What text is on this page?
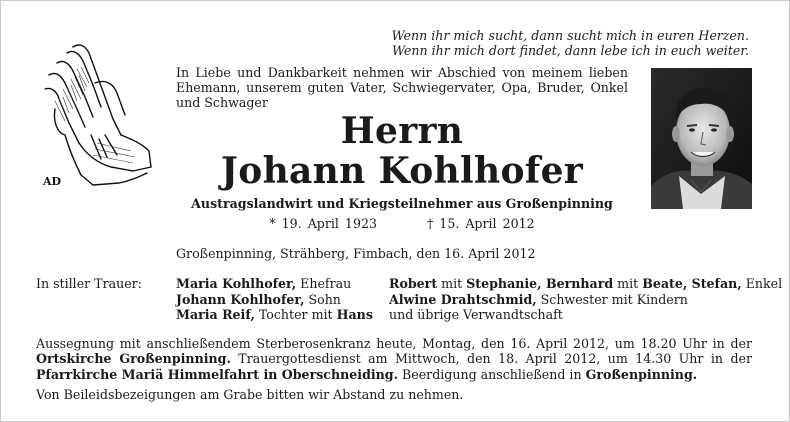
AD
Wenn ihr mich sucht, dann sucht mich in euren Herzen.
Wenn ihr mich dort findet, dann lebe ich in euch weiter.
In Liebe und Dankbarkeit nehmen wir Abschied von meinem lieben Ehemann, unserem guten Vater, Schwiegervater, Opa, Bruder, Onkel und Schwager
Herrn
Johann Kohlhofer
Austragslandwirt und Kriegsteilnehmer aus Großenpinning
* 19. April 1923	† 15. April 2012
Großenpinning, Strähberg, Fimbach, den 16. April 2012
In stiller Trauer:	Maria Kohlhofer, Ehefrau
Johann Kohlhofer, Sohn
Maria Reif, Tochter mit Hans
Robert mit Stephanie, Bernhard mit Beate, Stefan, Enkel
Alwine Drahtschmid, Schwester mit Kindern
und übrige Verwandtschaft

Aussegnung mit anschließendem Sterberosenkranz heute, Montag, den 16. April 2012, um 18.20 Uhr in der Ortskirche Großenpinning. Trauergottesdienst am Mittwoch, den 18. April 2012, um 14.30 Uhr in der Pfarrkirche Mariä Himmelfahrt in Oberschneiding. Beerdigung anschließend in Großenpinning.

Von Beileidsbezeigungen am Grabe bitten wir Abstand zu nehmen.
